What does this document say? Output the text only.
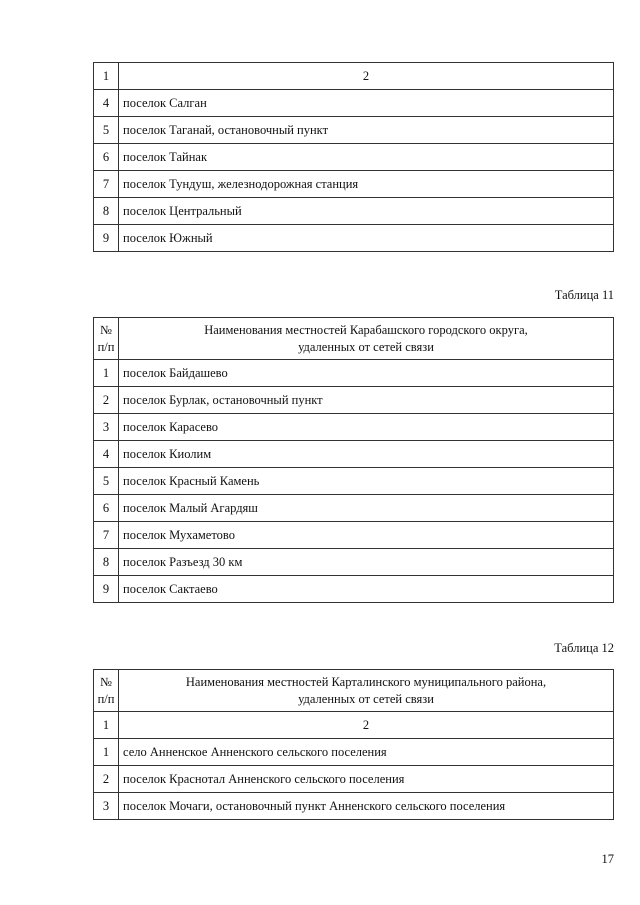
1	2
4	поселок Салган
5	поселок Таганай, остановочный пункт
6	поселок Тайнак
7	поселок Тундуш, железнодорожная станция
8	поселок Центральный
9	поселок Южный
Таблица 11
№
п/п	Наименования местностей Карабашского городского округа,
удаленных от сетей связи
1	поселок Байдашево
2	поселок Бурлак, остановочный пункт
3	поселок Карасево
4	поселок Киолим
5	поселок Красный Камень
6	поселок Малый Агардяш
7	поселок Мухаметово
8	поселок Разъезд 30 км
9	поселок Сактаево
Таблица 12
№
п/п	Наименования местностей Карталинского муниципального района,
удаленных от сетей связи
1	2
1	село Анненское Анненского сельского поселения
2	поселок Краснотал Анненского сельского поселения
3	поселок Мочаги, остановочный пункт Анненского сельского поселения
17
